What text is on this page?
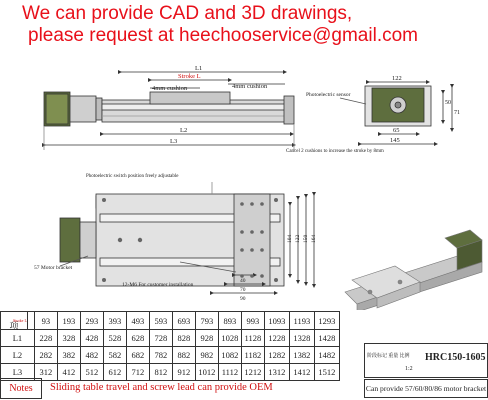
We can provide CAD and 3D drawings,
please request at heechooservice@gmail.com
L1
Stroke L
4mm cushion	4mm cushion
L2
L3
Cancel 2 cushions to increase the stroke by 8mm
Photoelectric sensor
122
65
145
50
71
Photoelectric switch position freely adjustable
57 Motor bracket
12-M6 For customer installation
40
70
90
104 122 150 164
项
Stroke L		93	193	293	393	493	593	693	793	893	993	1093	1193	1293
L1		228	328	428	528	628	728	828	928	1028	1128	1228	1328	1428
L2		282	382	482	582	682	782	882	982	1082	1182	1282	1382	1482
L3		312	412	512	612	712	812	912	1012	1112	1212	1312	1412	1512
Notes	Sliding table travel and screw lead can provide OEM
阶段标记 重量 比例 HRC150-1605
1:2
Can provide 57/60/80/86 motor bracket
